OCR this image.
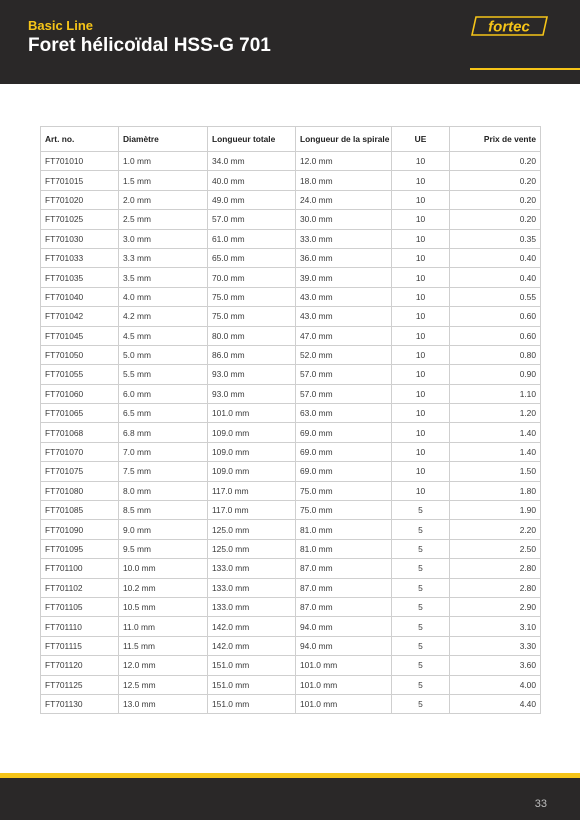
Basic Line
Foret hélicoïdal HSS-G 701
fortec
Art. no.	Diamètre	Longueur totale	Longueur de la spirale	UE	Prix de vente
FT701010	1.0 mm	34.0 mm	12.0 mm	10	0.20
FT701015	1.5 mm	40.0 mm	18.0 mm	10	0.20
FT701020	2.0 mm	49.0 mm	24.0 mm	10	0.20
FT701025	2.5 mm	57.0 mm	30.0 mm	10	0.20
FT701030	3.0 mm	61.0 mm	33.0 mm	10	0.35
FT701033	3.3 mm	65.0 mm	36.0 mm	10	0.40
FT701035	3.5 mm	70.0 mm	39.0 mm	10	0.40
FT701040	4.0 mm	75.0 mm	43.0 mm	10	0.55
FT701042	4.2 mm	75.0 mm	43.0 mm	10	0.60
FT701045	4.5 mm	80.0 mm	47.0 mm	10	0.60
FT701050	5.0 mm	86.0 mm	52.0 mm	10	0.80
FT701055	5.5 mm	93.0 mm	57.0 mm	10	0.90
FT701060	6.0 mm	93.0 mm	57.0 mm	10	1.10
FT701065	6.5 mm	101.0 mm	63.0 mm	10	1.20
FT701068	6.8 mm	109.0 mm	69.0 mm	10	1.40
FT701070	7.0 mm	109.0 mm	69.0 mm	10	1.40
FT701075	7.5 mm	109.0 mm	69.0 mm	10	1.50
FT701080	8.0 mm	117.0 mm	75.0 mm	10	1.80
FT701085	8.5 mm	117.0 mm	75.0 mm	5	1.90
FT701090	9.0 mm	125.0 mm	81.0 mm	5	2.20
FT701095	9.5 mm	125.0 mm	81.0 mm	5	2.50
FT701100	10.0 mm	133.0 mm	87.0 mm	5	2.80
FT701102	10.2 mm	133.0 mm	87.0 mm	5	2.80
FT701105	10.5 mm	133.0 mm	87.0 mm	5	2.90
FT701110	11.0 mm	142.0 mm	94.0 mm	5	3.10
FT701115	11.5 mm	142.0 mm	94.0 mm	5	3.30
FT701120	12.0 mm	151.0 mm	101.0 mm	5	3.60
FT701125	12.5 mm	151.0 mm	101.0 mm	5	4.00
FT701130	13.0 mm	151.0 mm	101.0 mm	5	4.40
33
